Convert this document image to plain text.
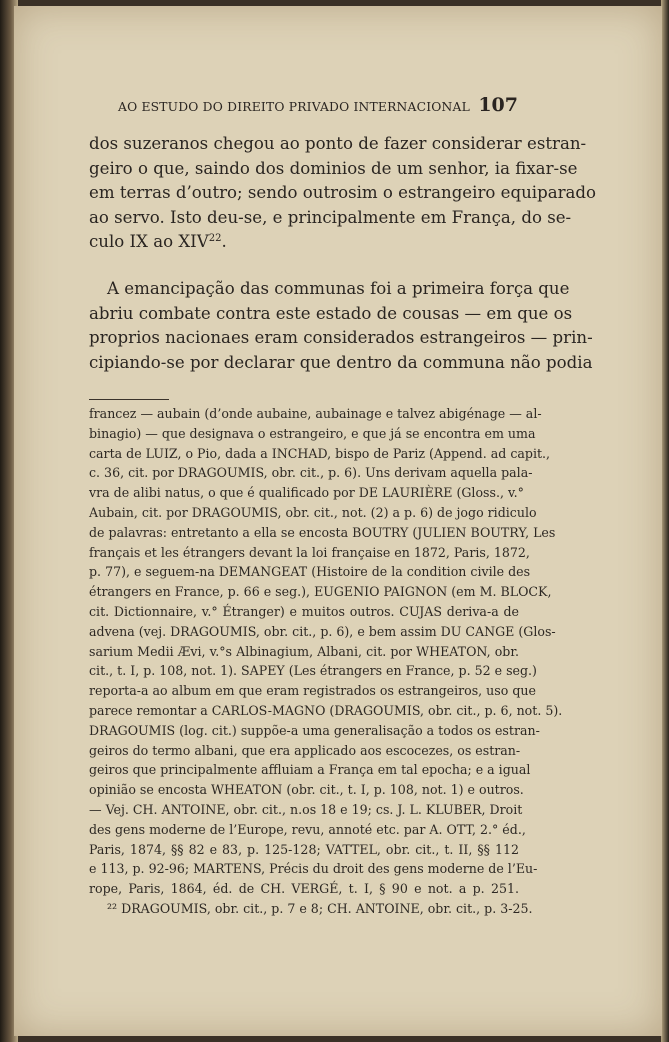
AO ESTUDO DO DIREITO PRIVADO INTERNACIONAL 107

dos suzeranos chegou ao ponto de fazer considerar estran-
geiro o que, saindo dos dominios de um senhor, ia fixar-se
em terras d’outro; sendo outrosim o estrangeiro equiparado
ao servo. Isto deu-se, e principalmente em França, do se-
culo IX ao XIV$^{22}$.

A emancipação das communas foi a primeira força que
abriu combate contra este estado de cousas — em que os
proprios nacionaes eram considerados estrangeiros — prin-
cipiando-se por declarar que dentro da communa não podia

francez — aubain (d’onde aubaine, aubainage e talvez abigénage — al-
binagio) — que designava o estrangeiro, e que já se encontra em uma
carta de LUIZ, o Pio, dada a INCHAD, bispo de Pariz (Append. ad capit.,
c. 36, cit. por DRAGOUMIS, obr. cit., p. 6). Uns derivam aquella pala-
vra de alibi natus, o que é qualificado por DE LAURIÈRE (Gloss., v.°
Aubain, cit. por DRAGOUMIS, obr. cit., not. (2) a p. 6) de jogo ridiculo
de palavras: entretanto a ella se encosta BOUTRY (JULIEN BOUTRY, Les
français et les étrangers devant la loi française en 1872, Paris, 1872,
p. 77), e seguem-na DEMANGEAT (Histoire de la condition civile des
étrangers en France, p. 66 e seg.), EUGENIO PAIGNON (em M. BLOCK,
cit. Dictionnaire, v.° Étranger) e muitos outros. CUJAS deriva-a de
advena (vej. DRAGOUMIS, obr. cit., p. 6), e bem assim DU CANGE (Glos-
sarium Medii Ævi, v.°s Albinagium, Albani, cit. por WHEATON, obr.
cit., t. I, p. 108, not. 1). SAPEY (Les étrangers en France, p. 52 e seg.)
reporta-a ao album em que eram registrados os estrangeiros, uso que
parece remontar a CARLOS-MAGNO (DRAGOUMIS, obr. cit., p. 6, not. 5).
DRAGOUMIS (log. cit.) suppõe-a uma generalisação a todos os estran-
geiros do termo albani, que era applicado aos escocezes, os estran-
geiros que principalmente affluiam a França em tal epocha; e a igual
opinião se encosta WHEATON (obr. cit., t. I, p. 108, not. 1) e outros.
— Vej. CH. ANTOINE, obr. cit., n.os 18 e 19; cs. J. L. KLUBER, Droit
des gens moderne de l’Europe, revu, annoté etc. par A. OTT, 2.° éd.,
Paris, 1874, §§ 82 e 83, p. 125-128; VATTEL, obr. cit., t. II, §§ 112
e 113, p. 92-96; MARTENS, Précis du droit des gens moderne de l’Eu-
rope, Paris, 1864, éd. de CH. VERGÉ, t. I, § 90 e not. a p. 251.
²² DRAGOUMIS, obr. cit., p. 7 e 8; CH. ANTOINE, obr. cit., p. 3-25.
